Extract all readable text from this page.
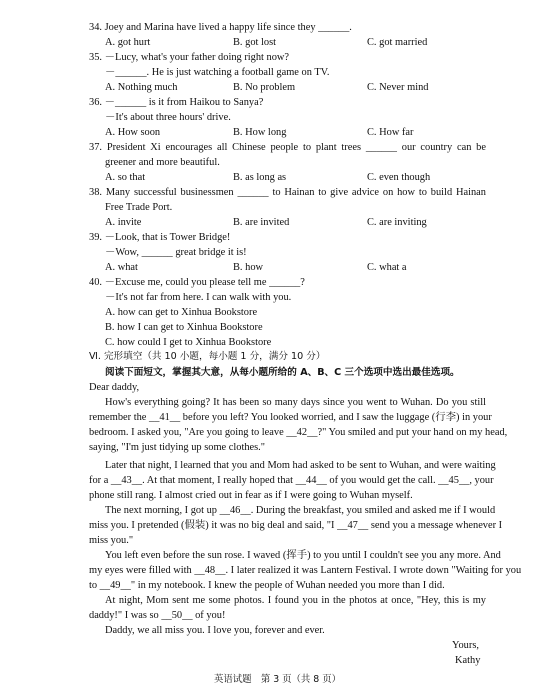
34. Joey and Marina have lived a happy life since they ______.
A. got hurt	B. got lost	C. got married
35. －Lucy, what's your father doing right now?
－______. He is just watching a football game on TV.
A. Nothing much	B. No problem	C. Never mind
36. －______ is it from Haikou to Sanya?
－It's about three hours' drive.
A. How soon	B. How long	C. How far
37. President Xi encourages all Chinese people to plant trees ______ our country can be
greener and more beautiful.
A. so that	B. as long as	C. even though
38. Many successful businessmen ______ to Hainan to give advice on how to build Hainan
Free Trade Port.
A. invite	B. are invited	C. are inviting
39. －Look, that is Tower Bridge!
－Wow, ______ great bridge it is!
A. what	B. how	C. what a
40. －Excuse me, could you please tell me ______?
－It's not far from here. I can walk with you.
A. how can get to Xinhua Bookstore
B. how I can get to Xinhua Bookstore
C. how could I get to Xinhua Bookstore
Ⅵ. 完形填空（共 10 小题，每小题 1 分，满分 10 分）
阅读下面短文，掌握其大意，从每小题所给的 A、B、C 三个选项中选出最佳选项。
Dear daddy,
How's everything going? It has been so many days since you went to Wuhan. Do you still
remember the __41__ before you left? You looked worried, and I saw the luggage (行李) in your
bedroom. I asked you, "Are you going to leave __42__?" You smiled and put your hand on my head,
saying, "I'm just tidying up some clothes."
Later that night, I learned that you and Mom had asked to be sent to Wuhan, and were waiting
for a __43__. At that moment, I really hoped that __44__ of you would get the call. __45__, your
phone still rang. I almost cried out in fear as if I were going to Wuhan myself.
The next morning, I got up __46__. During the breakfast, you smiled and asked me if I would
miss you. I pretended (假装) it was no big deal and said, "I __47__ send you a message whenever I
miss you."
You left even before the sun rose. I waved (挥手) to you until I couldn't see you any more. And
my eyes were filled with __48__. I later realized it was Lantern Festival. I wrote down "Waiting for you
to __49__" in my notebook. I knew the people of Wuhan needed you more than I did.
At night, Mom sent me some photos. I found you in the photos at once, "Hey, this is my
daddy!" I was so __50__ of you!
Daddy, we all miss you. I love you, forever and ever.
Yours,
Kathy
英语试题　第 3 页（共 8 页）
